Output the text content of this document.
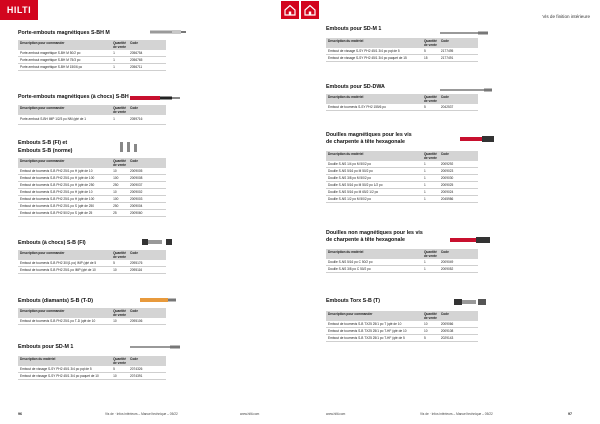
HILTI
Porte-embouts magnétiques S-BH M
Description pour commander	Quantité de vente	Code
Porte-embout magnétique S-BH M 50/2 po	1	2056754
Porte-embout magnétique S-BH M 75/3 po	1	2056765
Porte-embout magnétique S-BH M 150/6 po	1	2056711
Porte-embouts magnétiques (à chocs) S-BH
Description pour commander	Quantité de vente	Code
Porte-embout S-BH IMP 1/2/3 po NM (qté de 1	1	2059716
Embouts S-B (FI) et
Embouts S-B (norme)
Description pour commander	Quantité de vente	Code
Embout de tournevis S-B PH2 25/1 po H (qté de 10	10	2009005
Embout de tournevis S-B PH2 25/1 po H (qté de 100	100	2009008
Embout de tournevis S-B PH2 25/1 po H (qté de 250	250	2009037
Embout de tournevis S-B PH2 25/1 po H (qté de 10	10	2009002
Embout de tournevis S-B PH2 25/1 po H (qté de 100	100	2009003
Embout de tournevis S-B PH2 25/1 po S (qté de 250	250	2009004
Embout de tournevis S-B PH2 50/2 po S (qté de 25	25	2009060
Embouts (à chocs) S-B (FI)
Description pour commander	Quantité de vente	Code
Embout de tournevis S-B PH2 30/(1 po) IMP (qté de 5	5	2095176
Embout de tournevis S-B PH2 25/1 po IMP (qté de 10	10	2095116
Embouts (diamants) S-B (T-D)
Description pour commander	Quantité de vente	Code
Embout de tournevis S-B PH2 25/1 po T-D (qté de 10	10	2095106
Embouts pour SD-M 1
Description du matériel	Quantité de vente	Code
Embout de vissage S-SY PH2 45/1 3/4 po pqt de 5	5	2074326
Embout de vissage S-SY PH2 45/1 3/4 po paquet de 10	10	2074391
96	Vis de · Infos intérieurs – Manuel technique – 05/22	www.hilti.com
Vis de finition intérieure
Embouts pour SD-M 1
Description du matériel	Quantité de vente	Code
Embout de vissage S-SY PH2 45/1 3/4 po pqt de 5	5	2177495
Embout de vissage S-SY PH2 45/1 3/4 po paquet de 15	15	2177491
Embouts pour SD-DWA
Description du matériel	Quantité de vente	Code
Embout de tournevis S-SY PH2 155/6 po	5	2042537
Douilles magnétiques pour les vis
de charpente à tête hexagonale
Description du matériel	Quantité de vente	Code
Douille S-NS 1/4 po M 50/2 po	1	2009292
Douille S-NS 5/16 po M 50/2 po	1	2009023
Douille S-NS 3/8 po M 50/2 po	1	2009030
Douille S-NS 5/16 po M 50/2 po 1/2 po	1	2009025
Douille S-NS 5/16 po M 65/2 1/2 po	1	2009024
Douille S-NS 1/2 po M 50/2 po	1	2045986
Douilles non magnétiques pour les vis
de charpente à tête hexagonale
Description du matériel	Quantité de vente	Code
Douille S-NS 5/16 po C 50/2 po	1	2009049
Douille S-NS 3/8 po C 50/2 po	1	2009052
Embouts Torx S-B (T)
Description pour commander	Quantité de vente	Code
Embout de tournevis S-B TX25 25/1 po T (qté de 10	10	2009066
Embout de tournevis S-B TX25 25/1 po T-HF (qté de 10	10	2009108
Embout de tournevis S-B TX25 25/1 po T-HF (qté de 5	5	2029143
www.hilti.com	Vis de · Infos intérieurs – Manuel technique – 05/22	97
